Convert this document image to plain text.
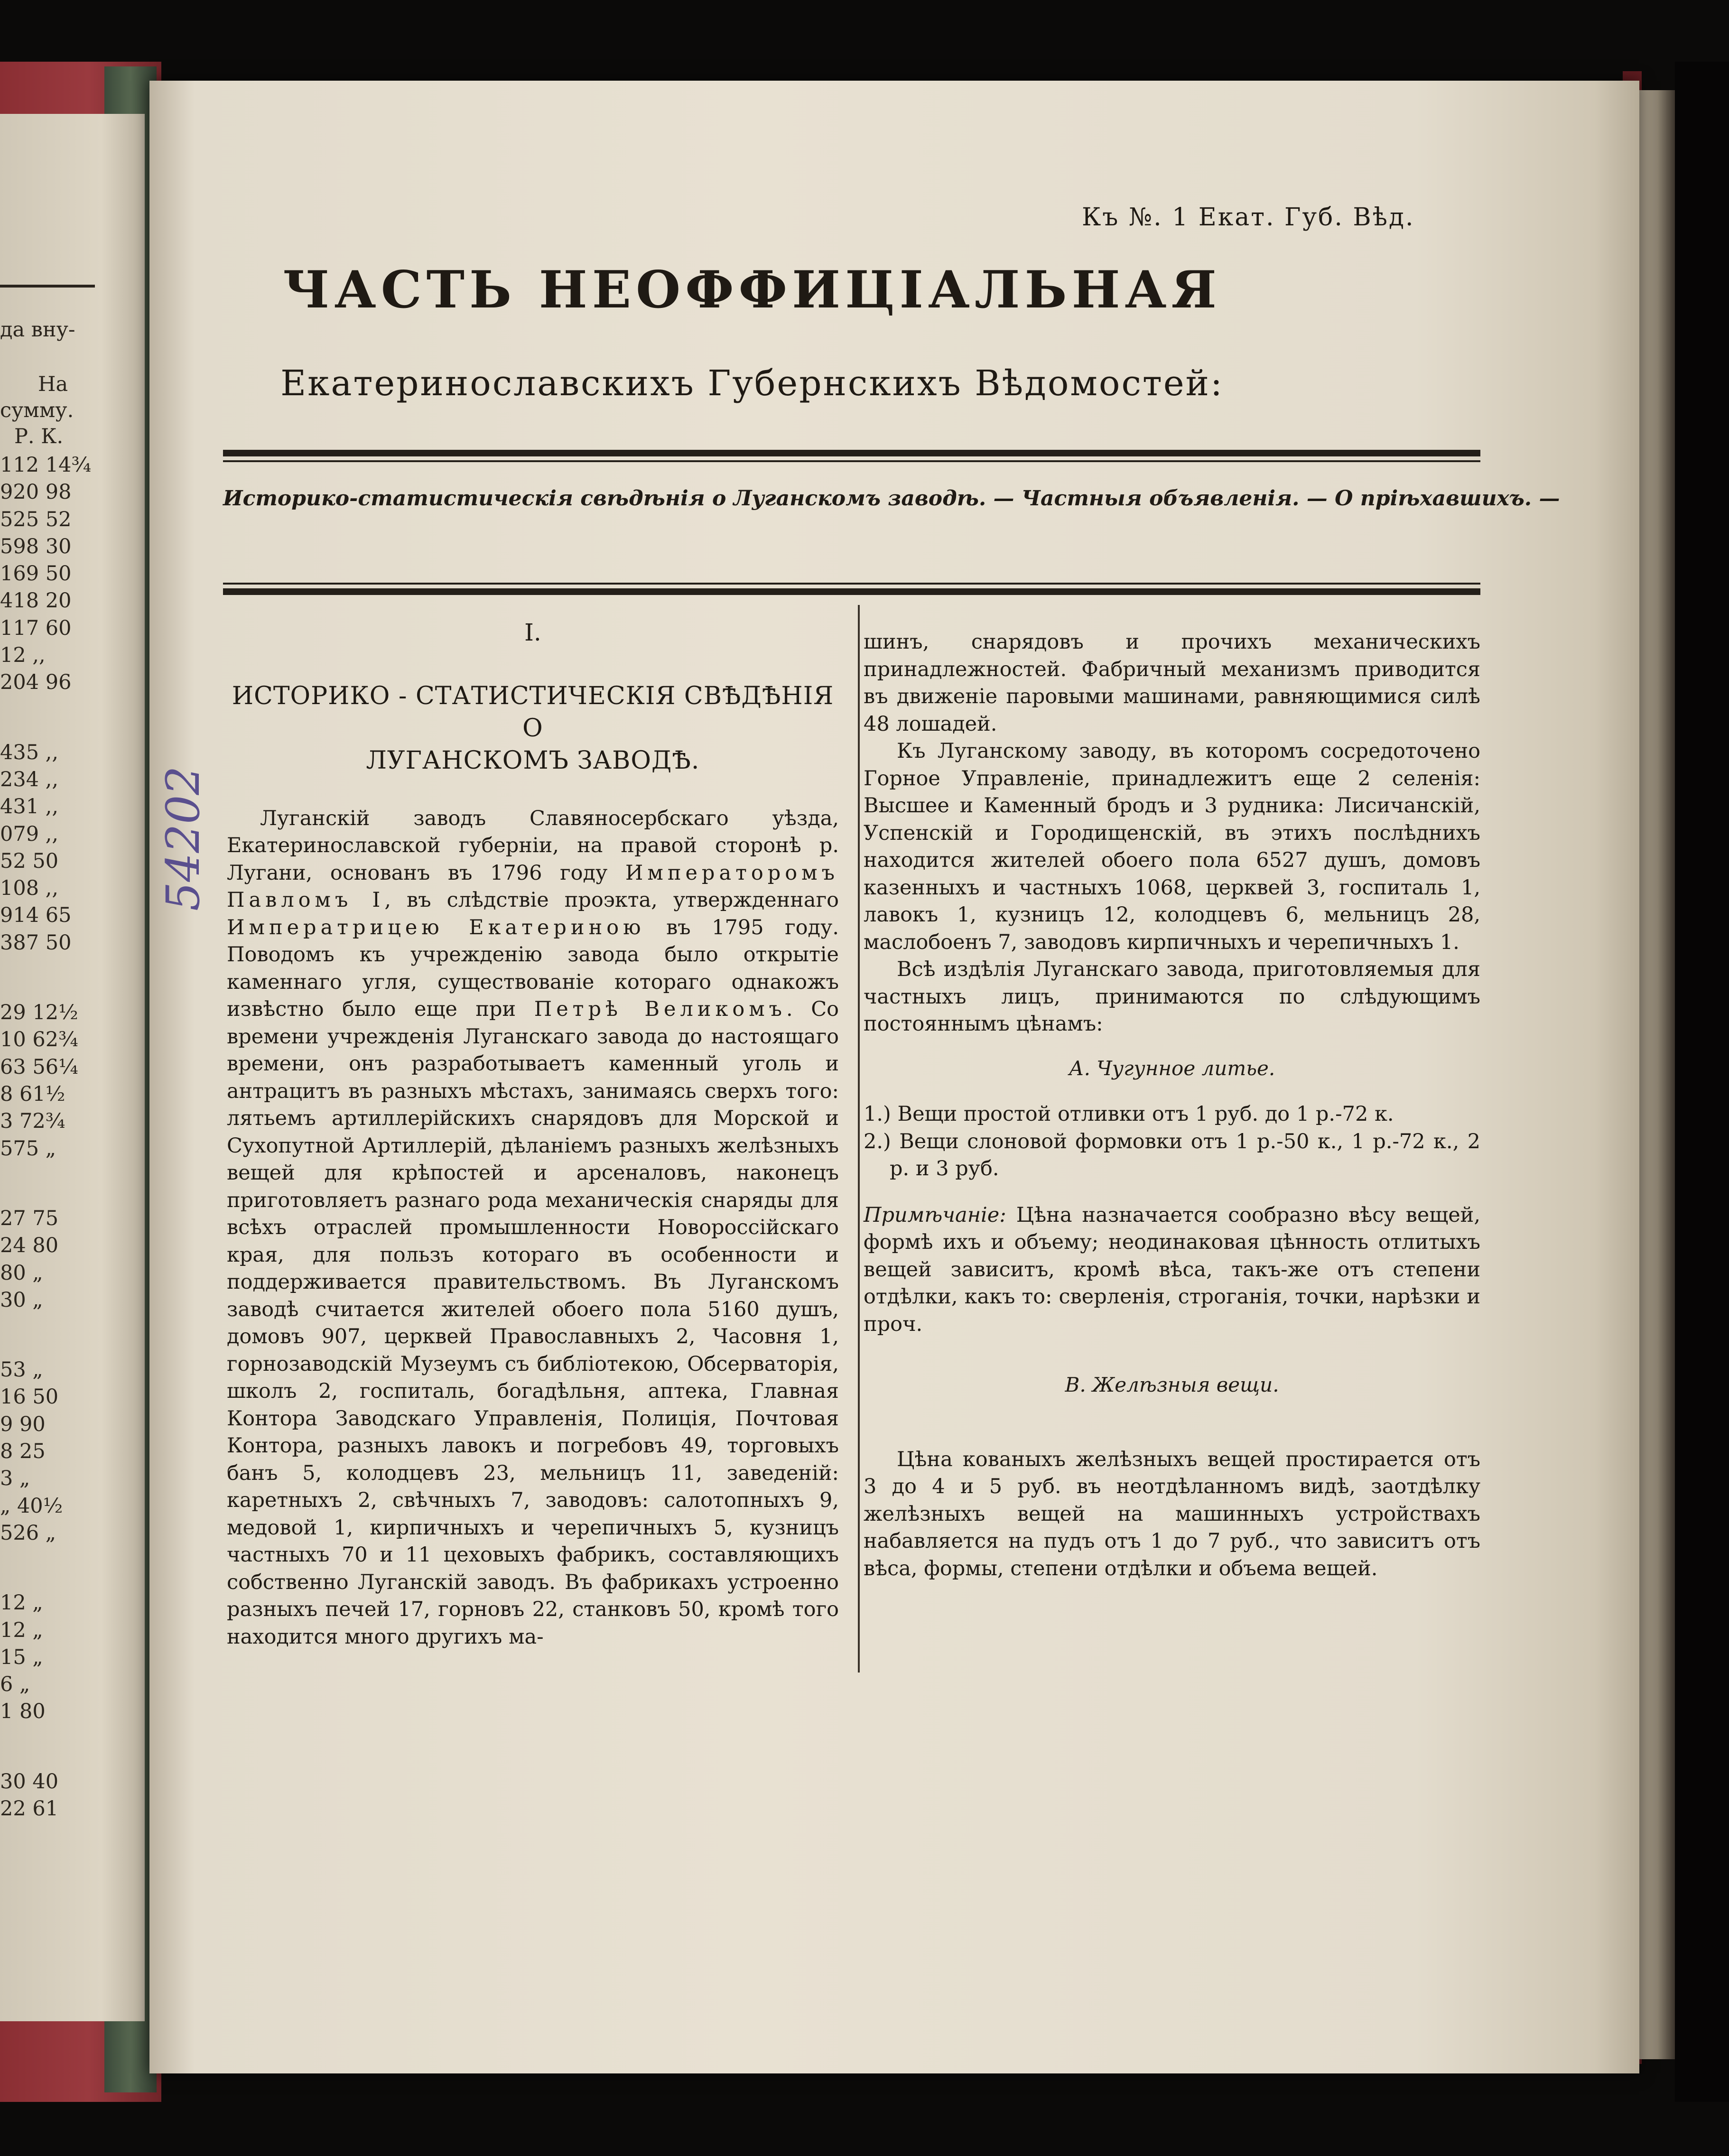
да вну-
На
сумму.
Р. К.
112 14¾
920 98
525 52
598 30
169 50
418 20
117 60
12 ,,
204 96
435 ,,
234 ,,
431 ,,
079 ,,
52 50
108 ,,
914 65
387 50
29 12½
10 62¾
63 56¼
8 61½
3 72¾
575 „
27 75
24 80
80 „
30 „
53 „
16 50
9 90
8 25
3 „
„ 40½
526 „
12 „
12 „
15 „
6 „
1 80
30 40
22 61
Къ №. 1 Екат. Губ. Вѣд.
ЧАСТЬ НЕОФФИЦІАЛЬНАЯ
Екатеринославскихъ Губернскихъ Вѣдомостей:
Историко-статистическія свѣдѣнія о Луганскомъ заводѣ. — Частныя объявленія. — О пріѣхавшихъ. —
54202
I.
ИСТОРИКО - СТАТИСТИЧЕСКІЯ СВѢДѢНІЯ О
ЛУГАНСКОМЪ ЗАВОДѢ.

Луганскій заводъ Славяносербскаго уѣзда, Екатеринославской губерніи, на правой сторонѣ р. Лугани, основанъ въ 1796 году Императоромъ Павломъ I, въ слѣдствіе проэкта, утвержденнаго Императрицею Екатериною въ 1795 году. Поводомъ къ учрежденію завода было открытіе каменнаго угля, существованіе котораго однакожъ извѣстно было еще при Петрѣ Великомъ. Со времени учрежденія Луганскаго завода до настоящаго времени, онъ разработываетъ каменный уголь и антрацитъ въ разныхъ мѣстахъ, занимаясь сверхъ того: лятьемъ артиллерійскихъ снарядовъ для Морской и Сухопутной Артиллерій, дѣланіемъ разныхъ желѣзныхъ вещей для крѣпостей и арсеналовъ, наконецъ приготовляетъ разнаго рода механическія снаряды для всѣхъ отраслей промышленности Новороссійскаго края, для пользъ котораго въ особенности и поддерживается правительствомъ. Въ Луганскомъ заводѣ считается жителей обоего пола 5160 душъ, домовъ 907, церквей Православныхъ 2, Часовня 1, горнозаводскій Музеумъ съ библіотекою, Обсерваторія, школъ 2, госпиталь, богадѣльня, аптека, Главная Контора Заводскаго Управленія, Полиція, Почтовая Контора, разныхъ лавокъ и погребовъ 49, торговыхъ банъ 5, колодцевъ 23, мельницъ 11, заведеній: каретныхъ 2, свѣчныхъ 7, заводовъ: салотопныхъ 9, медовой 1, кирпичныхъ и черепичныхъ 5, кузницъ частныхъ 70 и 11 цеховыхъ фабрикъ, составляющихъ собственно Луганскій заводъ. Въ фабрикахъ устроенно разныхъ печей 17, горновъ 22, станковъ 50, кромѣ того находится много другихъ ма-

шинъ, снарядовъ и прочихъ механическихъ принадлежностей. Фабричный механизмъ приводится въ движеніе паровыми машинами, равняющимися силѣ 48 лошадей.

Къ Луганскому заводу, въ которомъ сосредоточено Горное Управленіе, принадлежитъ еще 2 селенія: Высшее и Каменный бродъ и 3 рудника: Лисичанскій, Успенскій и Городищенскій, въ этихъ послѣднихъ находится жителей обоего пола 6527 душъ, домовъ казенныхъ и частныхъ 1068, церквей 3, госпиталь 1, лавокъ 1, кузницъ 12, колодцевъ 6, мельницъ 28, маслобоенъ 7, заводовъ кирпичныхъ и черепичныхъ 1.

Всѣ издѣлія Луганскаго завода, приготовляемыя для частныхъ лицъ, принимаются по слѣдующимъ постояннымъ цѣнамъ:

А. Чугунное литье.

1.) Вещи простой отливки отъ 1 руб. до 1 р.-72 к.

2.) Вещи слоновой формовки отъ 1 р.-50 к., 1 р.-72 к., 2 р. и 3 руб.

Примѣчаніе: Цѣна назначается сообразно вѣсу вещей, формѣ ихъ и объему; неодинаковая цѣнность отлитыхъ вещей зависитъ, кромѣ вѣса, такъ-же отъ степени отдѣлки, какъ то: сверленія, строганія, точки, нарѣзки и проч.

В. Желѣзныя вещи.

Цѣна кованыхъ желѣзныхъ вещей простирается отъ 3 до 4 и 5 руб. въ неотдѣланномъ видѣ, заотдѣлку желѣзныхъ вещей на машинныхъ устройствахъ набавляется на пудъ отъ 1 до 7 руб., что зависитъ отъ вѣса, формы, степени отдѣлки и объема вещей.
